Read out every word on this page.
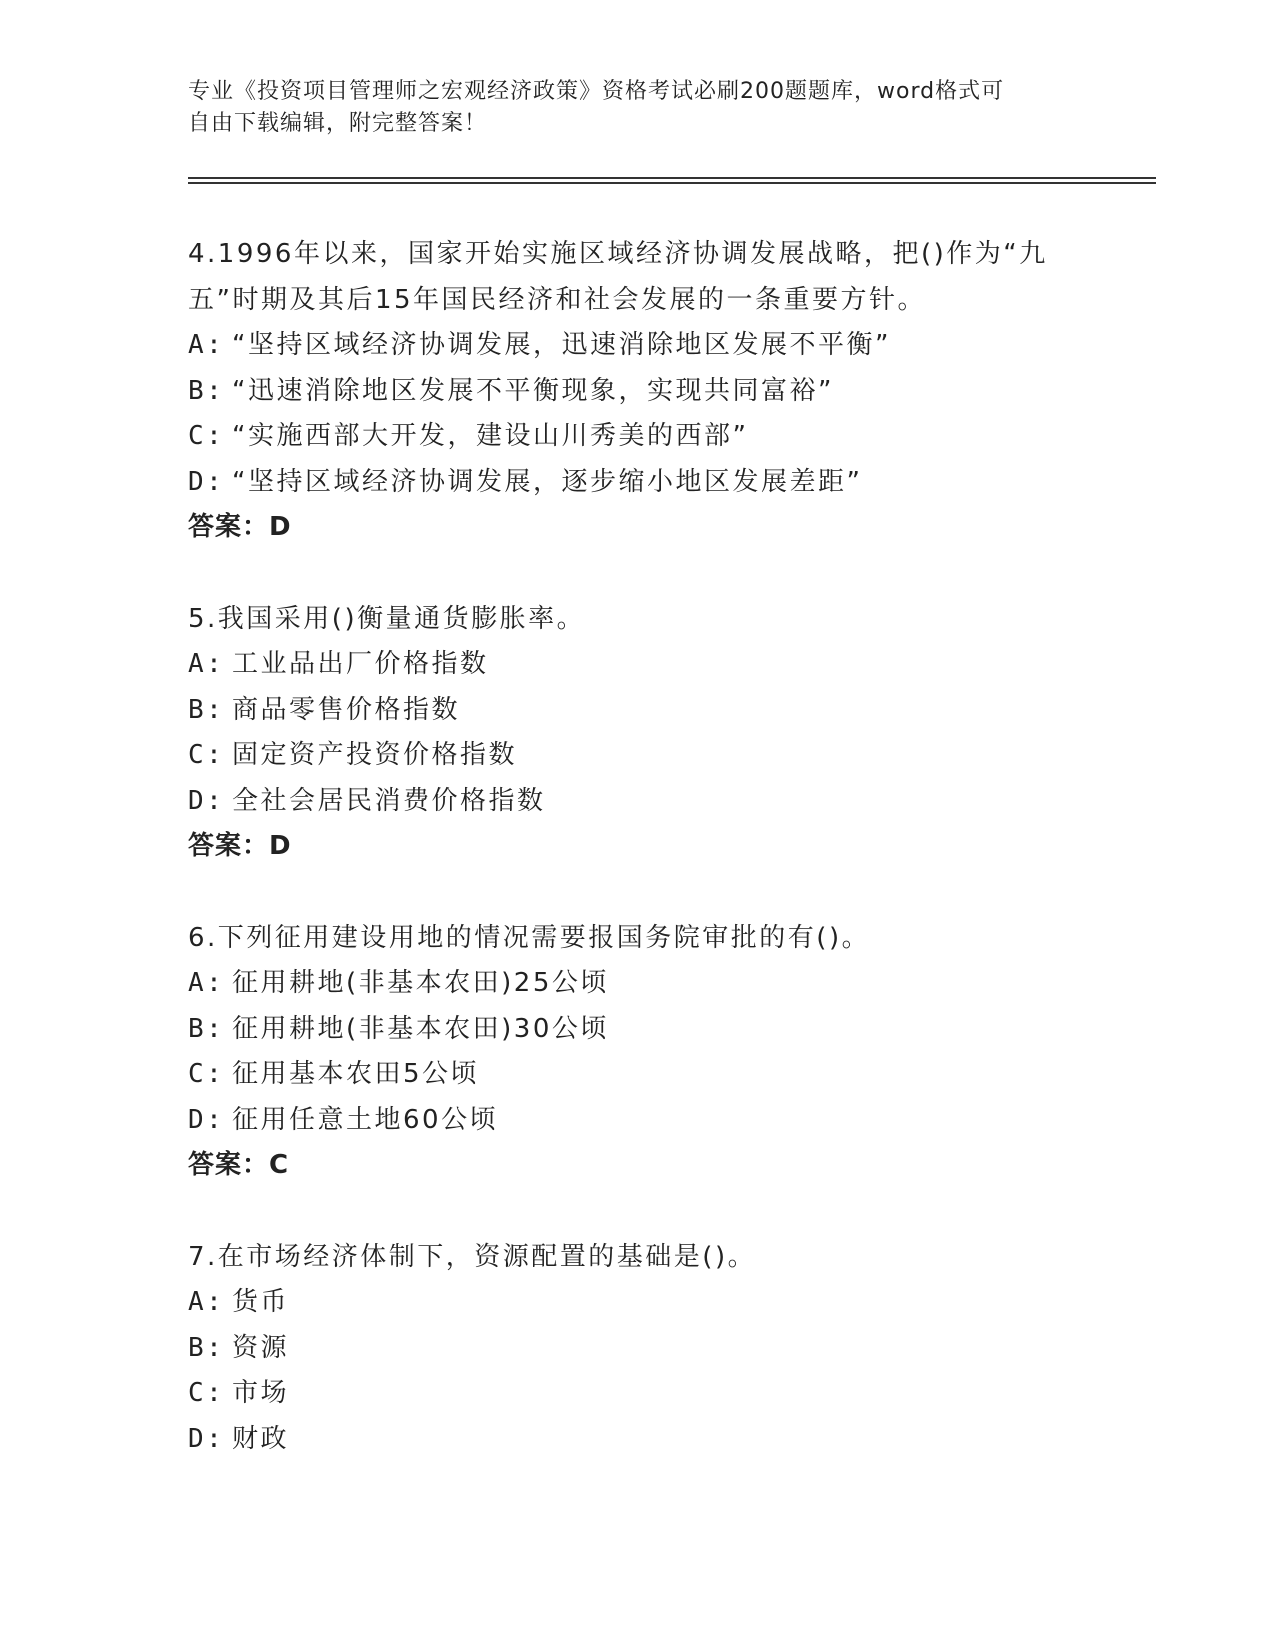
专业《投资项目管理师之宏观经济政策》资格考试必刷200题题库，word格式可
自由下载编辑，附完整答案！
4.1996年以来，国家开始实施区域经济协调发展战略，把()作为“九
五”时期及其后15年国民经济和社会发展的一条重要方针。
A: “坚持区域经济协调发展，迅速消除地区发展不平衡”
B: “迅速消除地区发展不平衡现象，实现共同富裕”
C: “实施西部大开发，建设山川秀美的西部”
D: “坚持区域经济协调发展，逐步缩小地区发展差距”
答案：D
5.我国采用()衡量通货膨胀率。
A: 工业品出厂价格指数
B: 商品零售价格指数
C: 固定资产投资价格指数
D: 全社会居民消费价格指数
答案：D
6.下列征用建设用地的情况需要报国务院审批的有()。
A: 征用耕地(非基本农田)25公顷
B: 征用耕地(非基本农田)30公顷
C: 征用基本农田5公顷
D: 征用任意土地60公顷
答案：C
7.在市场经济体制下，资源配置的基础是()。
A: 货币
B: 资源
C: 市场
D: 财政
